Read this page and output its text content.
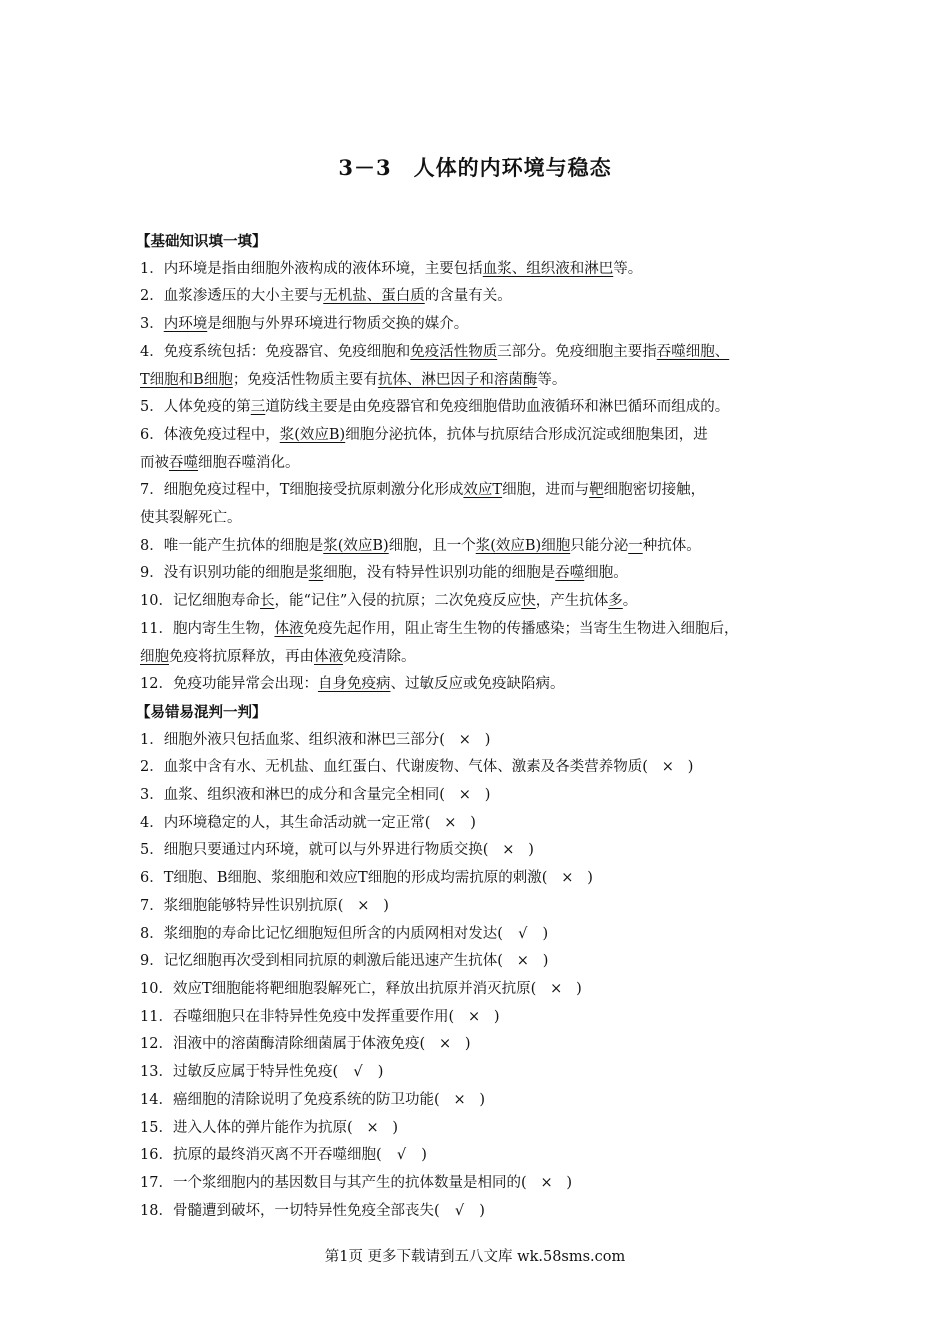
3－3　人体的内环境与稳态
【基础知识填一填】
1．内环境是指由细胞外液构成的液体环境，主要包括血浆、组织液和淋巴等。
2．血浆渗透压的大小主要与无机盐、蛋白质的含量有关。
3．内环境是细胞与外界环境进行物质交换的媒介。
4．免疫系统包括：免疫器官、免疫细胞和免疫活性物质三部分。免疫细胞主要指吞噬细胞、
T细胞和B细胞；免疫活性物质主要有抗体、淋巴因子和溶菌酶等。
5．人体免疫的第三道防线主要是由免疫器官和免疫细胞借助血液循环和淋巴循环而组成的。
6．体液免疫过程中，浆(效应B)细胞分泌抗体，抗体与抗原结合形成沉淀或细胞集团，进
而被吞噬细胞吞噬消化。
7．细胞免疫过程中，T细胞接受抗原刺激分化形成效应T细胞，进而与靶细胞密切接触，
使其裂解死亡。
8．唯一能产生抗体的细胞是浆(效应B)细胞，且一个浆(效应B)细胞只能分泌一种抗体。
9．没有识别功能的细胞是浆细胞，没有特异性识别功能的细胞是吞噬细胞。
10．记忆细胞寿命长，能“记住”入侵的抗原；二次免疫反应快，产生抗体多。
11．胞内寄生生物，体液免疫先起作用，阻止寄生生物的传播感染；当寄生生物进入细胞后，
细胞免疫将抗原释放，再由体液免疫清除。
12．免疫功能异常会出现：自身免疫病、过敏反应或免疫缺陷病。
【易错易混判一判】
1．细胞外液只包括血浆、组织液和淋巴三部分(   ×   )
2．血浆中含有水、无机盐、血红蛋白、代谢废物、气体、激素及各类营养物质(   ×   )
3．血浆、组织液和淋巴的成分和含量完全相同(   ×   )
4．内环境稳定的人，其生命活动就一定正常(   ×   )
5．细胞只要通过内环境，就可以与外界进行物质交换(   ×   )
6．T细胞、B细胞、浆细胞和效应T细胞的形成均需抗原的刺激(   ×   )
7．浆细胞能够特异性识别抗原(   ×   )
8．浆细胞的寿命比记忆细胞短但所含的内质网相对发达(   √   )
9．记忆细胞再次受到相同抗原的刺激后能迅速产生抗体(   ×   )
10．效应T细胞能将靶细胞裂解死亡，释放出抗原并消灭抗原(   ×   )
11．吞噬细胞只在非特异性免疫中发挥重要作用(   ×   )
12．泪液中的溶菌酶清除细菌属于体液免疫(   ×   )
13．过敏反应属于特异性免疫(   √   )
14．癌细胞的清除说明了免疫系统的防卫功能(   ×   )
15．进入人体的弹片能作为抗原(   ×   )
16．抗原的最终消灭离不开吞噬细胞(   √   )
17．一个浆细胞内的基因数目与其产生的抗体数量是相同的(   ×   )
18．骨髓遭到破坏，一切特异性免疫全部丧失(   √   )
第1页 更多下载请到五八文库 wk.58sms.com
